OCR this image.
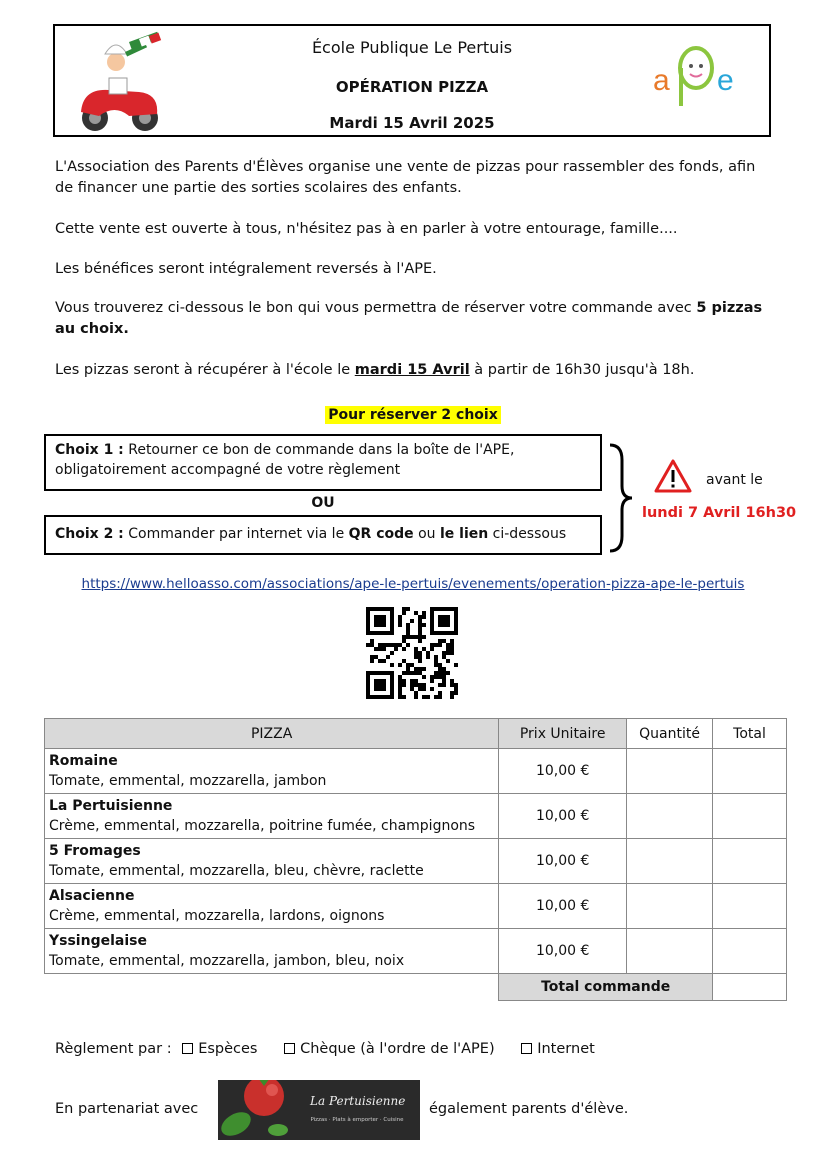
École Publique Le Pertuis
OPÉRATION PIZZA
Mardi 15 Avril 2025
a e
L'Association des Parents d'Élèves organise une vente de pizzas pour rassembler des fonds, afin de financer une partie des sorties scolaires des enfants.
Cette vente est ouverte à tous, n'hésitez pas à en parler à votre entourage, famille....
Les bénéfices seront intégralement reversés à l'APE.
Vous trouverez ci-dessous le bon qui vous permettra de réserver votre commande avec 5 pizzas au choix.
Les pizzas seront à récupérer à l'école le mardi 15 Avril à partir de 16h30 jusqu'à 18h.
Pour réserver 2 choix
Choix 1 : Retourner ce bon de commande dans la boîte de l'APE, obligatoirement accompagné de votre règlement
OU
Choix 2 : Commander par internet via le QR code ou le lien ci-dessous
avant le
lundi 7 Avril 16h30
https://www.helloasso.com/associations/ape-le-pertuis/evenements/operation-pizza-ape-le-pertuis
PIZZA	Prix Unitaire	Quantité	Total
Romaine
Tomate, emmental, mozzarella, jambon	10,00 €		
La Pertuisienne
Crème, emmental, mozzarella, poitrine fumée, champignons	10,00 €		
5 Fromages
Tomate, emmental, mozzarella, bleu, chèvre, raclette	10,00 €		
Alsacienne
Crème, emmental, mozzarella, lardons, oignons	10,00 €		
Yssingelaise
Tomate, emmental, mozzarella, jambon, bleu, noix	10,00 €		
	Total commande		
Règlement par : Espèces	Chèque (à l'ordre de l'APE)	Internet
En partenariat avec	La Pertuisienne
Pizzas · Plats à emporter · Cuisine
également parents d'élève.
